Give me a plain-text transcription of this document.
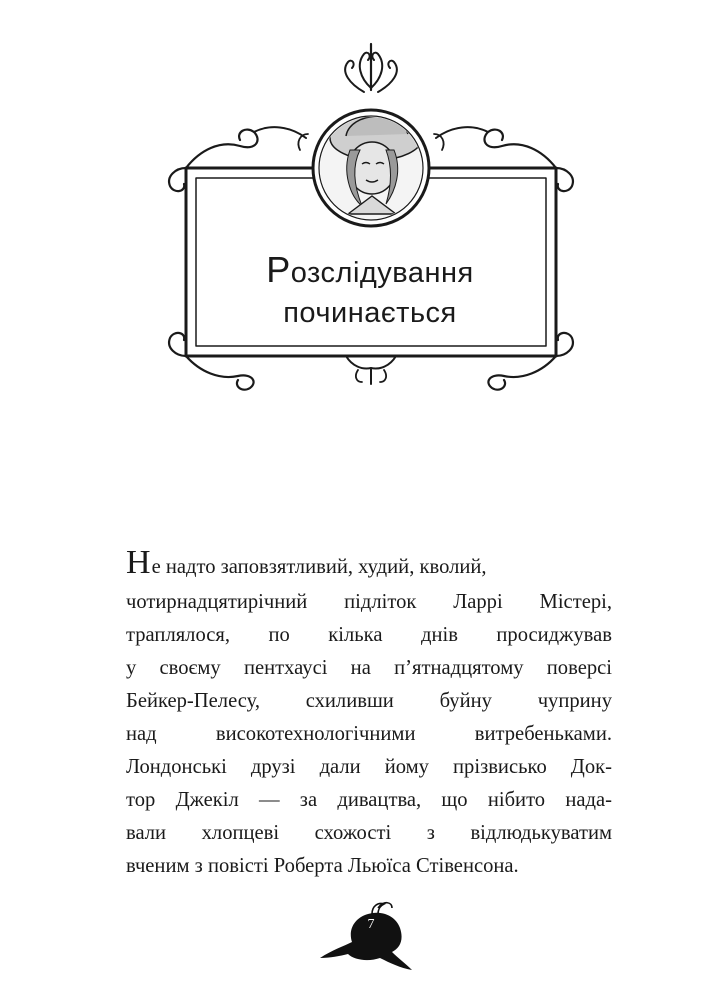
Розслідування
починається
Не надто заповзятливий, худий, кволий,
чотирнадцятирічний підліток Ларрі Містері,
траплялося, по кілька днів просиджував
у своєму пентхаусі на п’ятнадцятому поверсі
Бейкер-Пелесу, схиливши буйну чуприну
над високотехнологічними витребеньками.
Лондонські друзі дали йому прізвисько Док-
тор Джекіл — за дивацтва, що нібито нада-
вали хлопцеві схожості з відлюдькуватим
вченим з повісті Роберта Льюїса Стівенсона.
7
